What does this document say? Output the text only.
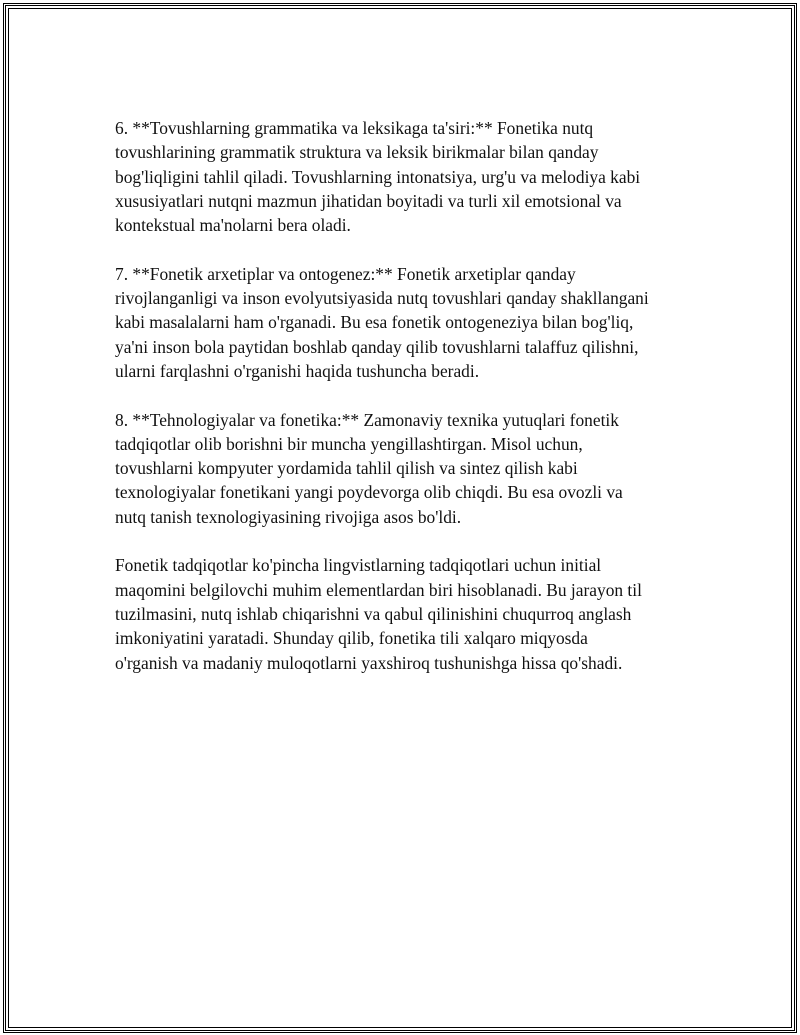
6. **Tovushlarning grammatika va leksikaga ta'siri:** Fonetika nutq
tovushlarining grammatik struktura va leksik birikmalar bilan qanday
bog'liqligini tahlil qiladi. Tovushlarning intonatsiya, urg'u va melodiya kabi
xususiyatlari nutqni mazmun jihatidan boyitadi va turli xil emotsional va
kontekstual ma'nolarni bera oladi.

7. **Fonetik arxetiplar va ontogenez:** Fonetik arxetiplar qanday
rivojlanganligi va inson evolyutsiyasida nutq tovushlari qanday shakllangani
kabi masalalarni ham o'rganadi. Bu esa fonetik ontogeneziya bilan bog'liq,
ya'ni inson bola paytidan boshlab qanday qilib tovushlarni talaffuz qilishni,
ularni farqlashni o'rganishi haqida tushuncha beradi.

8. **Tehnologiyalar va fonetika:** Zamonaviy texnika yutuqlari fonetik
tadqiqotlar olib borishni bir muncha yengillashtirgan. Misol uchun,
tovushlarni kompyuter yordamida tahlil qilish va sintez qilish kabi
texnologiyalar fonetikani yangi poydevorga olib chiqdi. Bu esa ovozli va
nutq tanish texnologiyasining rivojiga asos bo'ldi.

Fonetik tadqiqotlar ko'pincha lingvistlarning tadqiqotlari uchun initial
maqomini belgilovchi muhim elementlardan biri hisoblanadi. Bu jarayon til
tuzilmasini, nutq ishlab chiqarishni va qabul qilinishini chuqurroq anglash
imkoniyatini yaratadi. Shunday qilib, fonetika tili xalqaro miqyosda
o'rganish va madaniy muloqotlarni yaxshiroq tushunishga hissa qo'shadi.
